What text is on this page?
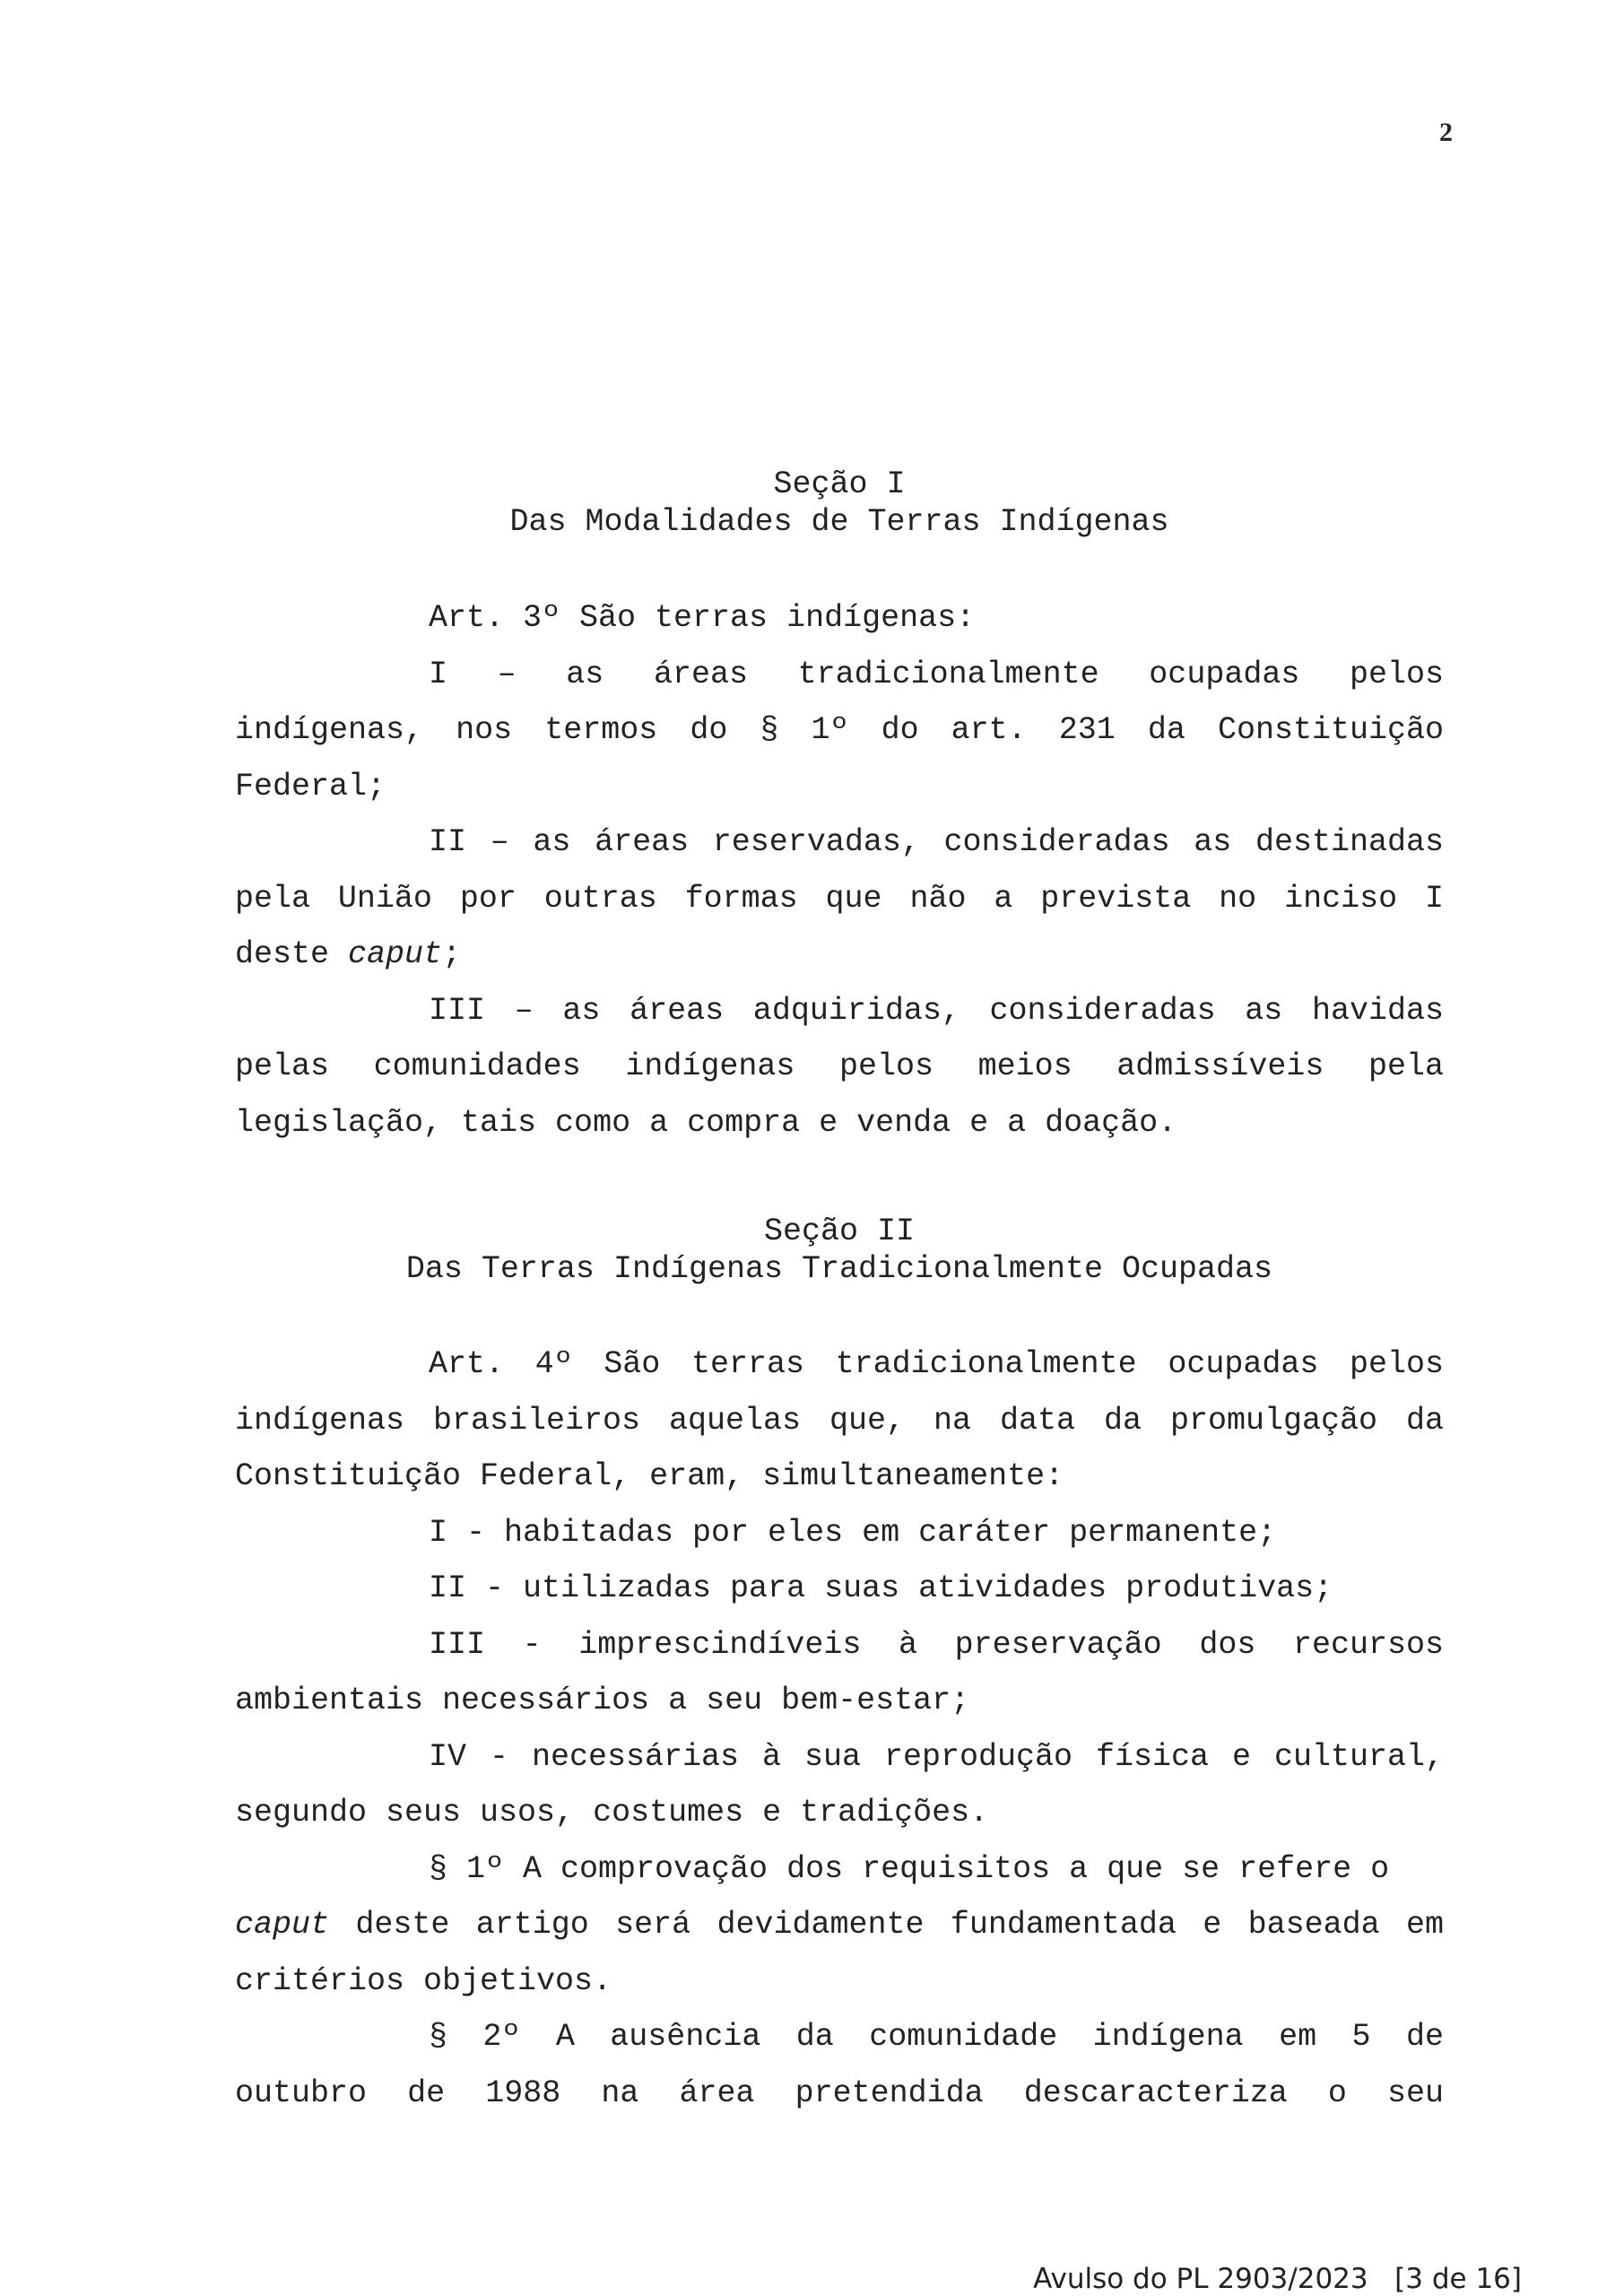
2
Seção I
Das Modalidades de Terras Indígenas

Art. 3º São terras indígenas:

I – as áreas tradicionalmente ocupadas pelos indígenas, nos termos do § 1º do art. 231 da Constituição Federal;

II – as áreas reservadas, consideradas as destinadas pela União por outras formas que não a prevista no inciso I deste caput;

III – as áreas adquiridas, consideradas as havidas pelas comunidades indígenas pelos meios admissíveis pela legislação, tais como a compra e venda e a doação.

Seção II
Das Terras Indígenas Tradicionalmente Ocupadas

Art. 4º São terras tradicionalmente ocupadas pelos indígenas brasileiros aquelas que, na data da promulgação da Constituição Federal, eram, simultaneamente:

I - habitadas por eles em caráter permanente;

II - utilizadas para suas atividades produtivas;

III - imprescindíveis à preservação dos recursos ambientais necessários a seu bem-estar;

IV - necessárias à sua reprodução física e cultural, segundo seus usos, costumes e tradições.

§ 1º A comprovação dos requisitos a que se refere o
caput deste artigo será devidamente fundamentada e baseada em critérios objetivos.

§ 2º A ausência da comunidade indígena em 5 de outubro de 1988 na área pretendida descaracteriza o seu

Avulso do PL 2903/2023 [3 de 16]
